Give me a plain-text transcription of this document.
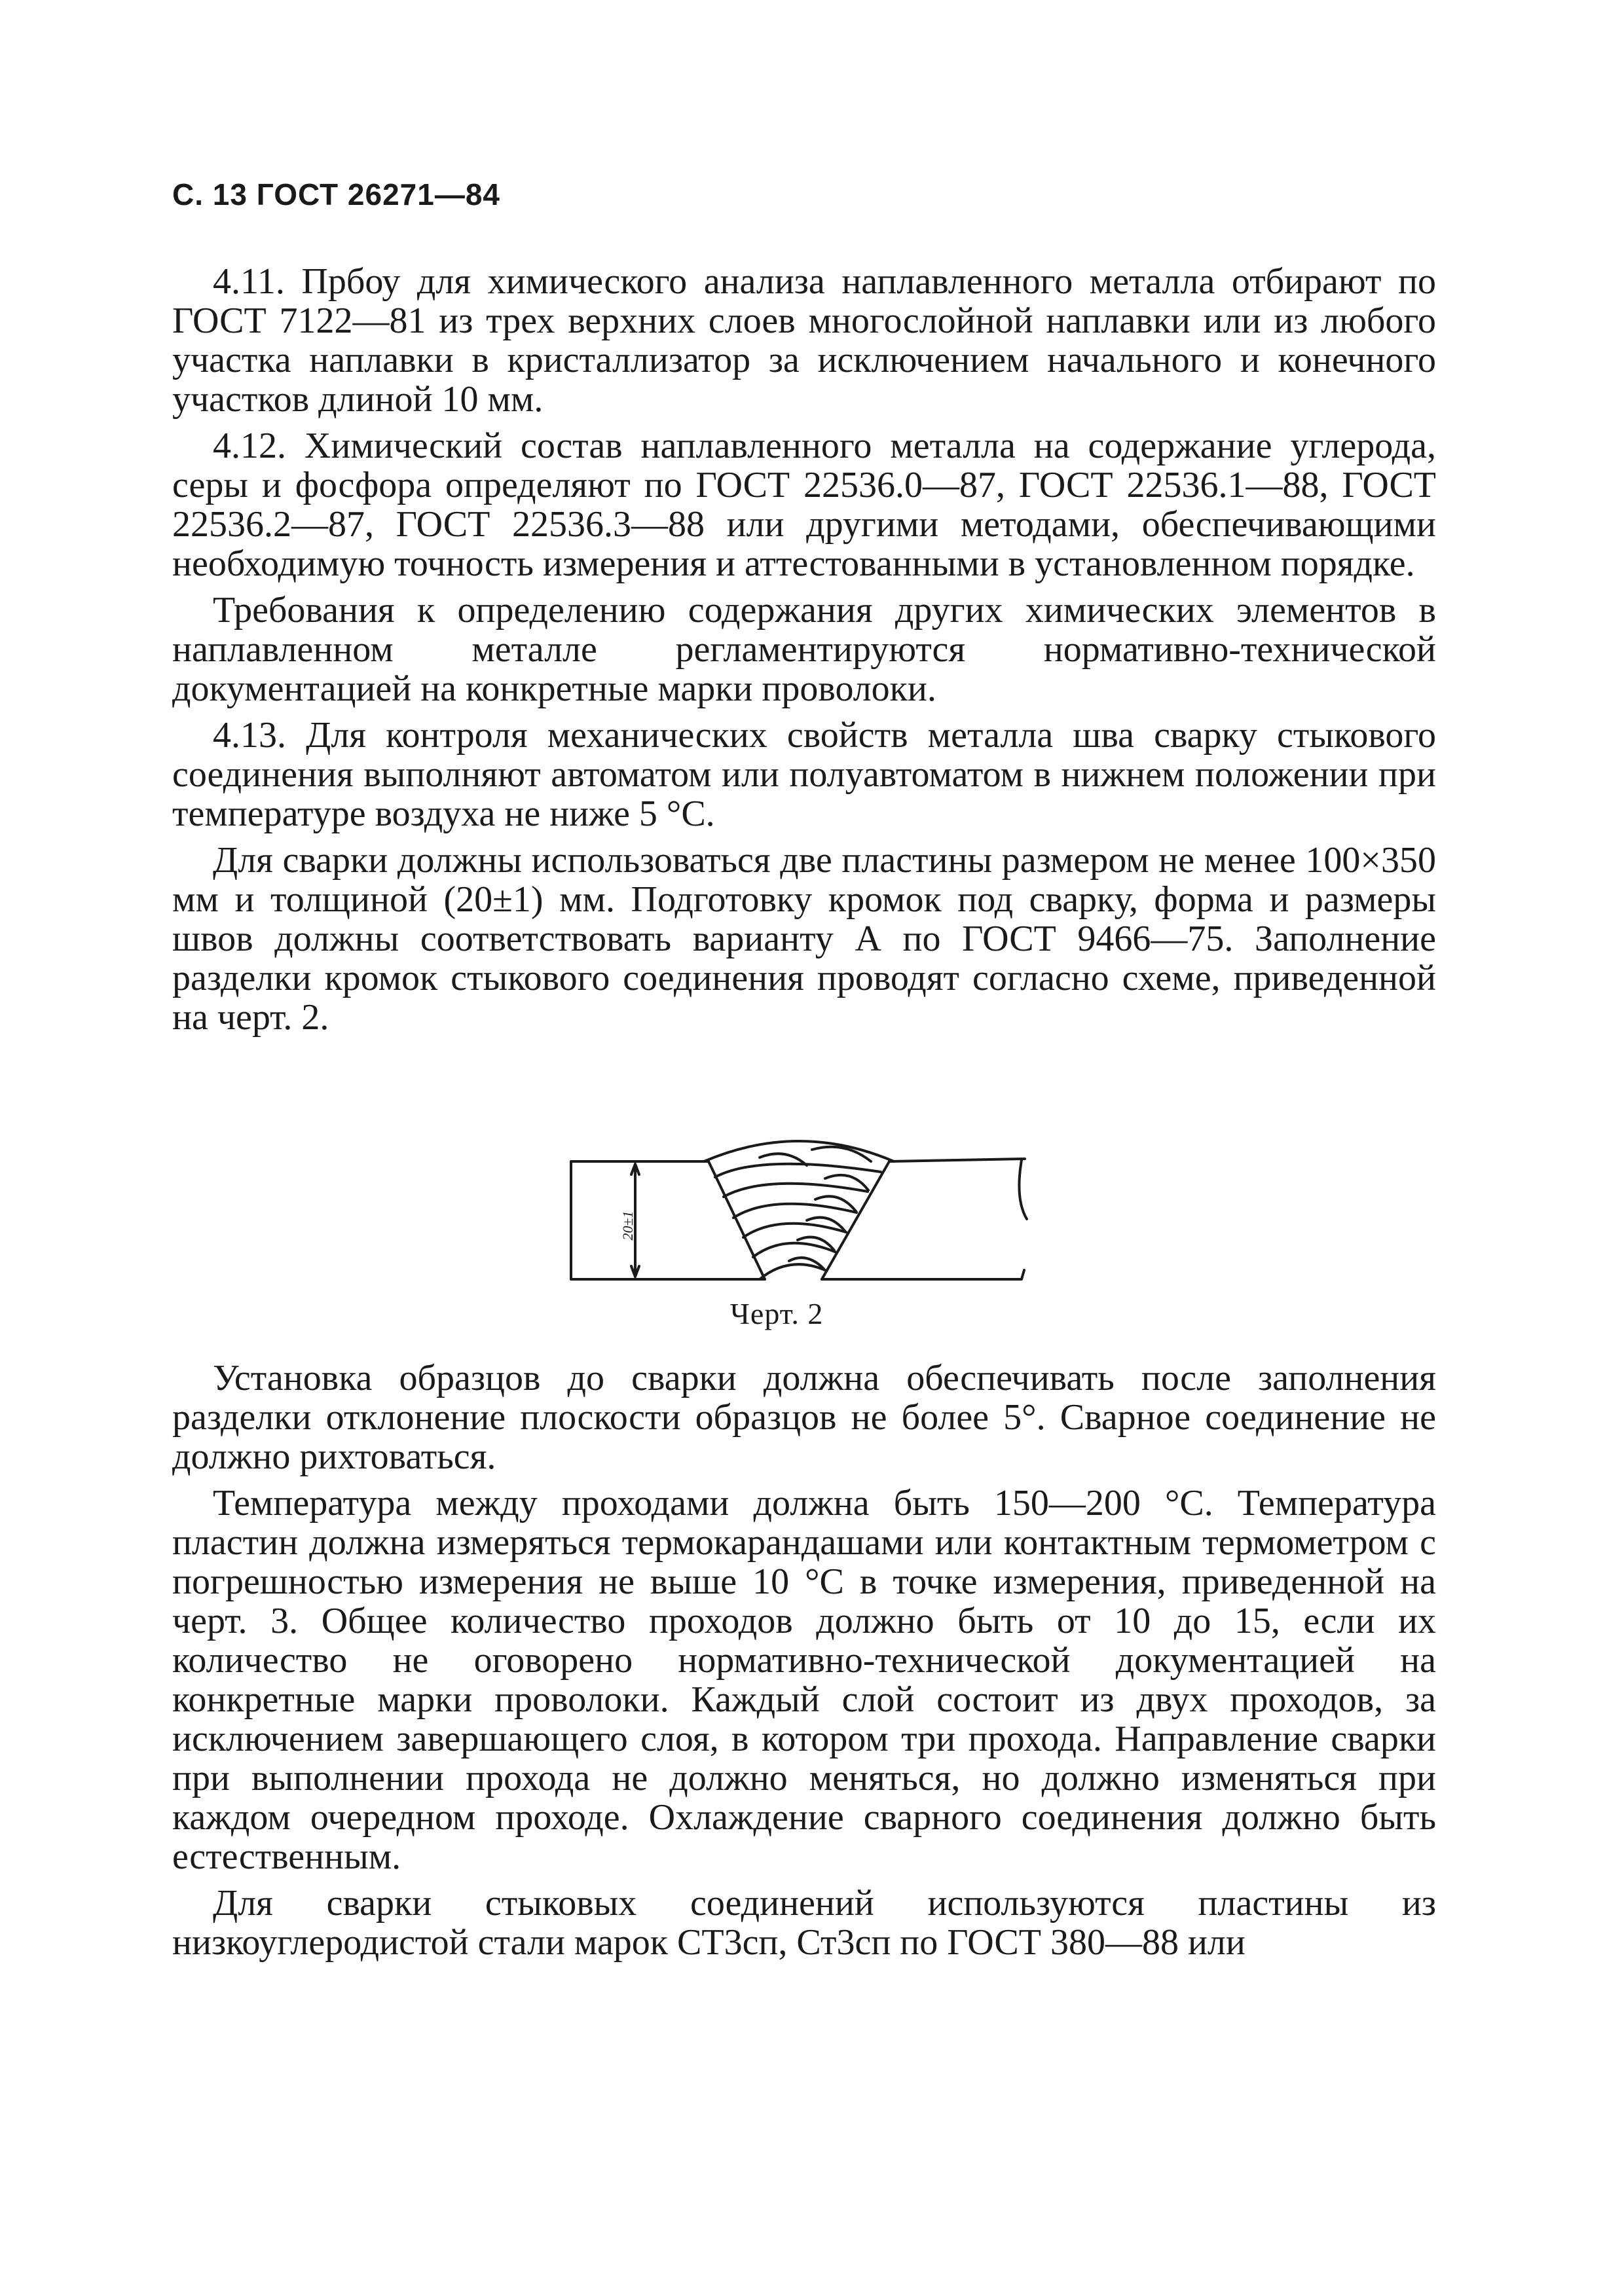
С. 13 ГОСТ 26271—84

4.11. Прбоу для химического анализа наплавленного металла отбирают по ГОСТ 7122—81 из трех верхних слоев многослойной наплавки или из любого участка наплавки в кристаллизатор за исключением начального и конечного участков длиной 10 мм.

4.12. Химический состав наплавленного металла на содержание углерода, серы и фосфора определяют по ГОСТ 22536.0—87, ГОСТ 22536.1—88, ГОСТ 22536.2—87, ГОСТ 22536.3—88 или другими методами, обеспечивающими необходимую точность измерения и аттестованными в установленном порядке.

Требования к определению содержания других химических элементов в наплавленном металле регламентируются нормативно-технической документацией на конкретные марки проволоки.

4.13. Для контроля механических свойств металла шва сварку стыкового соединения выполняют автоматом или полуавтоматом в нижнем положении при температуре воздуха не ниже 5 °С.

Для сварки должны использоваться две пластины размером не менее 100×350 мм и толщиной (20±1) мм. Подготовку кромок под сварку, форма и размеры швов должны соответствовать варианту А по ГОСТ 9466—75. Заполнение разделки кромок стыкового соединения проводят согласно схеме, приведенной на черт. 2.

20±1
Черт. 2

Установка образцов до сварки должна обеспечивать после заполнения разделки отклонение плоскости образцов не более 5°. Сварное соединение не должно рихтоваться.

Температура между проходами должна быть 150—200 °С. Температура пластин должна измеряться термокарандашами или контактным термометром с погрешностью измерения не выше 10 °С в точке измерения, приведенной на черт. 3. Общее количество проходов должно быть от 10 до 15, если их количество не оговорено нормативно-технической документацией на конкретные марки проволоки. Каждый слой состоит из двух проходов, за исключением завершающего слоя, в котором три прохода. Направление сварки при выполнении прохода не должно меняться, но должно изменяться при каждом очередном проходе. Охлаждение сварного соединения должно быть естественным.

Для сварки стыковых соединений используются пластины из низкоуглеродистой стали марок СТ3сп, Ст3сп по ГОСТ 380—88 или
